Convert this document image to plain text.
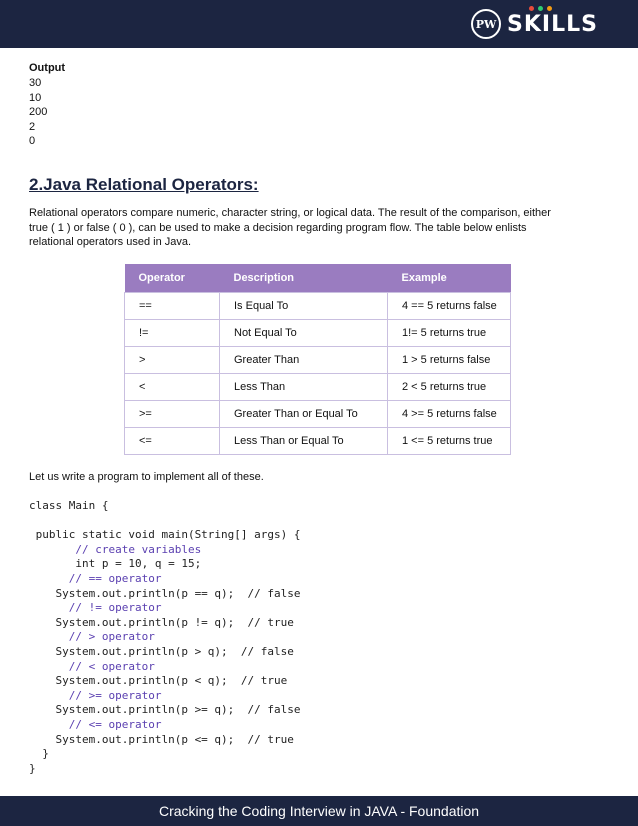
PW SKILLS
Output
30
10
200
2
0
2.Java Relational Operators:
Relational operators compare numeric, character string, or logical data. The result of the comparison, either
true ( 1 ) or false ( 0 ), can be used to make a decision regarding program flow. The table below enlists
relational operators used in Java.
Operator	Description	Example
==	Is Equal To	4 == 5 returns false
!=	Not Equal To	1!= 5 returns true
>	Greater Than	1 > 5 returns false
<	Less Than	2 < 5 returns true
>=	Greater Than or Equal To	4 >= 5 returns false
<=	Less Than or Equal To	1 <= 5 returns true
Let us write a program to implement all of these.
class Main {
public static void main(String[] args) {
// create variables
int p = 10, q = 15;
// == operator
System.out.println(p == q);  // false
// != operator
System.out.println(p != q);  // true
// > operator
System.out.println(p > q);  // false
// < operator
System.out.println(p < q);  // true
// >= operator
System.out.println(p >= q);  // false
// <= operator
System.out.println(p <= q);  // true
}
}
Cracking the Coding Interview in JAVA - Foundation
